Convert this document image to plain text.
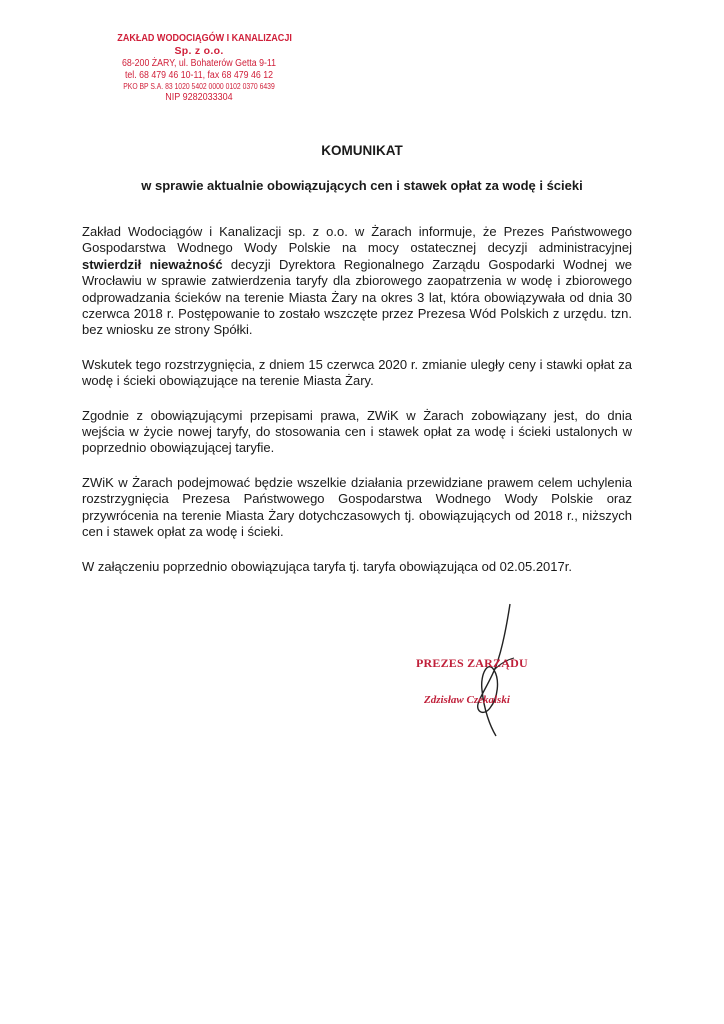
ZAKŁAD WODOCIĄGÓW I KANALIZACJI
Sp. z o.o.
68-200 ŻARY, ul. Bohaterów Getta 9-11
tel. 68 479 46 10-11, fax 68 479 46 12
PKO BP S.A. 83 1020 5402 0000 0102 0370 6439
NIP 9282033304
KOMUNIKAT
w sprawie aktualnie obowiązujących cen i stawek opłat za wodę i ścieki

Zakład Wodociągów i Kanalizacji sp. z o.o. w Żarach informuje, że Prezes Państwowego Gospodarstwa Wodnego Wody Polskie na mocy ostatecznej decyzji administracyjnej stwierdził nieważność decyzji Dyrektora Regionalnego Zarządu Gospodarki Wodnej we Wrocławiu w sprawie zatwierdzenia taryfy dla zbiorowego zaopatrzenia w wodę i zbiorowego odprowadzania ścieków na terenie Miasta Żary na okres 3 lat, która obowiązywała od dnia 30 czerwca 2018 r. Postępowanie to zostało wszczęte przez Prezesa Wód Polskich z urzędu. tzn. bez wniosku ze strony Spółki.

Wskutek tego rozstrzygnięcia, z dniem 15 czerwca 2020 r. zmianie uległy ceny i stawki opłat za wodę i ścieki obowiązujące na terenie Miasta Żary.

Zgodnie z obowiązującymi przepisami prawa, ZWiK w Żarach zobowiązany jest, do dnia wejścia w życie nowej taryfy, do stosowania cen i stawek opłat za wodę i ścieki ustalonych w poprzednio obowiązującej taryfie.

ZWiK w Żarach podejmować będzie wszelkie działania przewidziane prawem celem uchylenia rozstrzygnięcia Prezesa Państwowego Gospodarstwa Wodnego Wody Polskie oraz przywrócenia na terenie Miasta Żary dotychczasowych tj. obowiązujących od 2018 r., niższych cen i stawek opłat za wodę i ścieki.

W załączeniu poprzednio obowiązująca taryfa tj. taryfa obowiązująca od 02.05.2017r.

PREZES ZARZĄDU
Zdzisław Czekalski
